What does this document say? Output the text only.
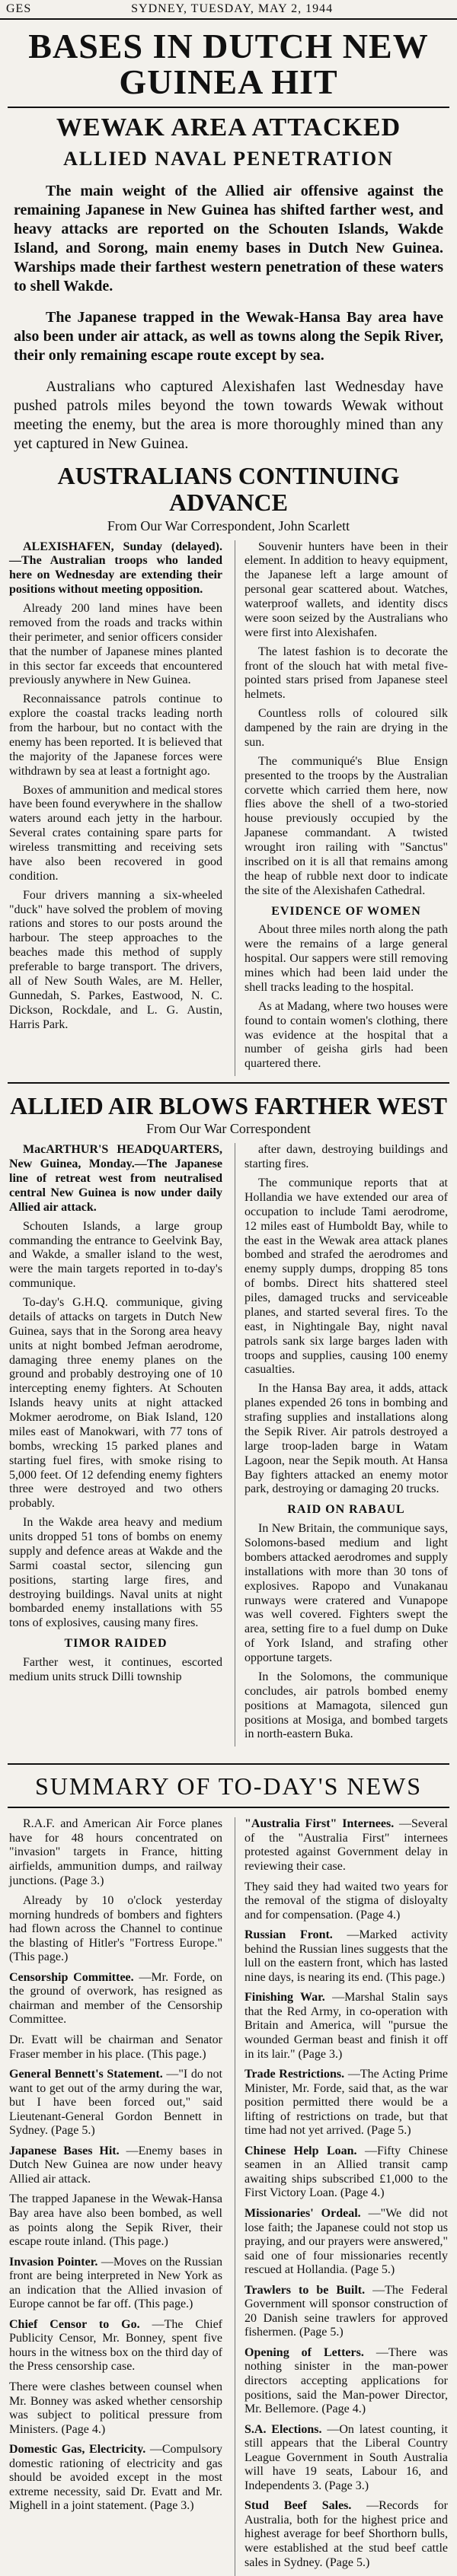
GES	SYDNEY, TUESDAY, MAY 2, 1944
BASES IN DUTCH NEW GUINEA HIT
WEWAK AREA ATTACKED
ALLIED NAVAL PENETRATION

The main weight of the Allied air offensive against the remaining Japanese in New Guinea has shifted farther west, and heavy attacks are reported on the Schouten Islands, Wakde Island, and Sorong, main enemy bases in Dutch New Guinea. Warships made their farthest western penetration of these waters to shell Wakde.

The Japanese trapped in the Wewak-Hansa Bay area have also been under air attack, as well as towns along the Sepik River, their only remaining escape route except by sea.

Australians who captured Alexishafen last Wednesday have pushed patrols miles beyond the town towards Wewak without meeting the enemy, but the area is more thoroughly mined than any yet captured in New Guinea.
AUSTRALIANS CONTINUING ADVANCE
From Our War Correspondent, John Scarlett

ALEXISHAFEN, Sunday (delayed).—The Australian troops who landed here on Wednesday are extending their positions without meeting opposition.

Already 200 land mines have been removed from the roads and tracks within their perimeter, and senior officers consider that the number of Japanese mines planted in this sector far exceeds that encountered previously anywhere in New Guinea.

Reconnaissance patrols continue to explore the coastal tracks leading north from the harbour, but no contact with the enemy has been reported. It is believed that the majority of the Japanese forces were withdrawn by sea at least a fortnight ago.

Boxes of ammunition and medical stores have been found everywhere in the shallow waters around each jetty in the harbour. Several crates containing spare parts for wireless transmitting and receiving sets have also been recovered in good condition.

Four drivers manning a six-wheeled "duck" have solved the problem of moving rations and stores to our posts around the harbour. The steep approaches to the beaches made this method of supply preferable to barge transport. The drivers, all of New South Wales, are M. Heller, Gunnedah, S. Parkes, Eastwood, N. C. Dickson, Rockdale, and L. G. Austin, Harris Park.

Souvenir hunters have been in their element. In addition to heavy equipment, the Japanese left a large amount of personal gear scattered about. Watches, waterproof wallets, and identity discs were soon seized by the Australians who were first into Alexishafen.

The latest fashion is to decorate the front of the slouch hat with metal five-pointed stars prised from Japanese steel helmets.

Countless rolls of coloured silk dampened by the rain are drying in the sun.

The communiqué's Blue Ensign presented to the troops by the Australian corvette which carried them here, now flies above the shell of a two-storied house previously occupied by the Japanese commandant. A twisted wrought iron railing with "Sanctus" inscribed on it is all that remains among the heap of rubble next door to indicate the site of the Alexishafen Cathedral.

EVIDENCE OF WOMEN

About three miles north along the path were the remains of a large general hospital. Our sappers were still removing mines which had been laid under the shell tracks leading to the hospital.

As at Madang, where two houses were found to contain women's clothing, there was evidence at the hospital that a number of geisha girls had been quartered there.

ALLIED AIR BLOWS FARTHER WEST
From Our War Correspondent

MacARTHUR'S HEADQUARTERS, New Guinea, Monday.—The Japanese line of retreat west from neutralised central New Guinea is now under daily Allied air attack.

Schouten Islands, a large group commanding the entrance to Geelvink Bay, and Wakde, a smaller island to the west, were the main targets reported in to-day's communique.

To-day's G.H.Q. communique, giving details of attacks on targets in Dutch New Guinea, says that in the Sorong area heavy units at night bombed Jefman aerodrome, damaging three enemy planes on the ground and probably destroying one of 10 intercepting enemy fighters. At Schouten Islands heavy units at night attacked Mokmer aerodrome, on Biak Island, 120 miles east of Manokwari, with 77 tons of bombs, wrecking 15 parked planes and starting fuel fires, with smoke rising to 5,000 feet. Of 12 defending enemy fighters three were destroyed and two others probably.

In the Wakde area heavy and medium units dropped 51 tons of bombs on enemy supply and defence areas at Wakde and the Sarmi coastal sector, silencing gun positions, starting large fires, and destroying buildings. Naval units at night bombarded enemy installations with 55 tons of explosives, causing many fires.

TIMOR RAIDED

Farther west, it continues, escorted medium units struck Dilli township

after dawn, destroying buildings and starting fires.

The communique reports that at Hollandia we have extended our area of occupation to include Tami aerodrome, 12 miles east of Humboldt Bay, while to the east in the Wewak area attack planes bombed and strafed the aerodromes and enemy supply dumps, dropping 85 tons of bombs. Direct hits shattered steel piles, damaged trucks and serviceable planes, and started several fires. To the east, in Nightingale Bay, night naval patrols sank six large barges laden with troops and supplies, causing 100 enemy casualties.

In the Hansa Bay area, it adds, attack planes expended 26 tons in bombing and strafing supplies and installations along the Sepik River. Air patrols destroyed a large troop-laden barge in Watam Lagoon, near the Sepik mouth. At Hansa Bay fighters attacked an enemy motor park, destroying or damaging 20 trucks.

RAID ON RABAUL

In New Britain, the communique says, Solomons-based medium and light bombers attacked aerodromes and supply installations with more than 30 tons of explosives. Rapopo and Vunakanau runways were cratered and Vunapope was well covered. Fighters swept the area, setting fire to a fuel dump on Duke of York Island, and strafing other opportune targets.

In the Solomons, the communique concludes, air patrols bombed enemy positions at Mamagota, silenced gun positions at Mosiga, and bombed targets in north-eastern Buka.

SUMMARY OF TO-DAY'S NEWS

R.A.F. and American Air Force planes have for 48 hours concentrated on "invasion" targets in France, hitting airfields, ammunition dumps, and railway junctions. (Page 3.)

Already by 10 o'clock yesterday morning hundreds of bombers and fighters had flown across the Channel to continue the blasting of Hitler's "Fortress Europe." (This page.)

Censorship Committee. —Mr. Forde, on the ground of overwork, has resigned as chairman and member of the Censorship Committee.

Dr. Evatt will be chairman and Senator Fraser member in his place. (This page.)

General Bennett's Statement. —"I do not want to get out of the army during the war, but I have been forced out," said Lieutenant-General Gordon Bennett in Sydney. (Page 5.)

Japanese Bases Hit. —Enemy bases in Dutch New Guinea are now under heavy Allied air attack.

The trapped Japanese in the Wewak-Hansa Bay area have also been bombed, as well as points along the Sepik River, their escape route inland. (This page.)

Invasion Pointer. —Moves on the Russian front are being interpreted in New York as an indication that the Allied invasion of Europe cannot be far off. (This page.)

Chief Censor to Go. —The Chief Publicity Censor, Mr. Bonney, spent five hours in the witness box on the third day of the Press censorship case.

There were clashes between counsel when Mr. Bonney was asked whether censorship was subject to political pressure from Ministers. (Page 4.)

Domestic Gas, Electricity. —Compulsory domestic rationing of electricity and gas should be avoided except in the most extreme necessity, said Dr. Evatt and Mr. Mighell in a joint statement. (Page 3.)

"Australia First" Internees. —Several of the "Australia First" internees protested against Government delay in reviewing their case.

They said they had waited two years for the removal of the stigma of disloyalty and for compensation. (Page 4.)

Russian Front. —Marked activity behind the Russian lines suggests that the lull on the eastern front, which has lasted nine days, is nearing its end. (This page.)

Finishing War. —Marshal Stalin says that the Red Army, in co-operation with Britain and America, will "pursue the wounded German beast and finish it off in its lair." (Page 3.)

Trade Restrictions. —The Acting Prime Minister, Mr. Forde, said that, as the war position permitted there would be a lifting of restrictions on trade, but that time had not yet arrived. (Page 5.)

Chinese Help Loan. —Fifty Chinese seamen in an Allied transit camp awaiting ships subscribed £1,000 to the First Victory Loan. (Page 4.)

Missionaries' Ordeal. —"We did not lose faith; the Japanese could not stop us praying, and our prayers were answered," said one of four missionaries recently rescued at Hollandia. (Page 5.)

Trawlers to be Built. —The Federal Government will sponsor construction of 20 Danish seine trawlers for approved fishermen. (Page 5.)

Opening of Letters. —There was nothing sinister in the man-power directors accepting applications for positions, said the Man-power Director, Mr. Bellemore. (Page 4.)

S.A. Elections. —On latest counting, it still appears that the Liberal Country League Government in South Australia will have 19 seats, Labour 16, and Independents 3. (Page 3.)

Stud Beef Sales. —Records for Australia, both for the highest price and highest average for beef Shorthorn bulls, were established at the stud beef cattle sales in Sydney. (Page 5.)
